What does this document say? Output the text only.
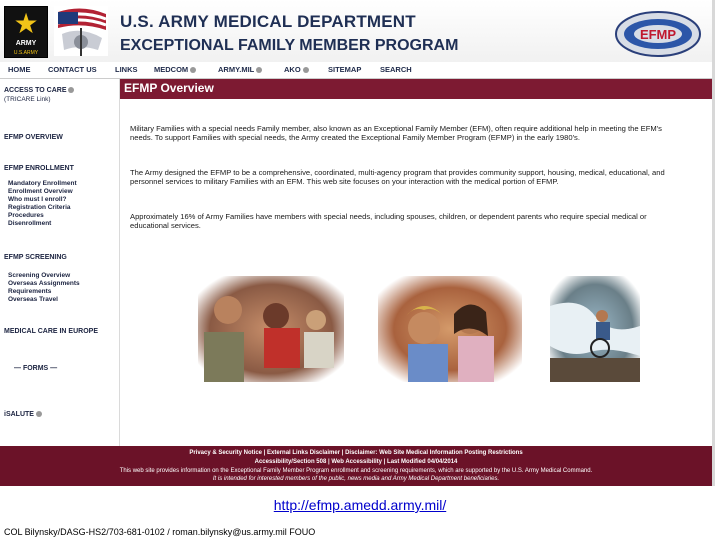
★
ARMY
U.S.ARMY
U.S. ARMY MEDICAL DEPARTMENT
EXCEPTIONAL FAMILY MEMBER PROGRAM
EFMP
HOME CONTACT US LINKS MEDCOM	ARMY.MIL	AKO	SITEMAP SEARCH
ACCESS TO CARE
(TRICARE Link)
EFMP OVERVIEW
EFMP ENROLLMENT
Mandatory Enrollment
Enrollment Overview
Who must I enroll?
Registration Criteria
Procedures
Disenrollment
EFMP SCREENING
Screening Overview
Overseas Assignments
Requirements
Overseas Travel
MEDICAL CARE IN EUROPE
— FORMS —
iSALUTE
EFMP Overview
Military Families with a special needs Family member, also known as an Exceptional Family Member (EFM), often require additional help in meeting the EFM's needs. To support Families with special needs, the Army created the Exceptional Family Member Program (EFMP) in the early 1980's.
The Army designed the EFMP to be a comprehensive, coordinated, multi-agency program that provides community support, housing, medical, educational, and personnel services to military Families with an EFM. This web site focuses on your interaction with the medical portion of EFMP.
Approximately 16% of Army Families have members with special needs, including spouses, children, or dependent parents who require special medical or educational services.
Privacy & Security Notice | External Links Disclaimer | Disclaimer: Web Site Medical Information Posting Restrictions
Accessibility/Section 508 | Web Accessibility | Last Modified 04/04/2014
This web site provides information on the Exceptional Family Member Program enrollment and screening requirements, which are supported by the U.S. Army Medical Command.
It is intended for interested members of the public, news media and Army Medical Department beneficiaries.
http://efmp.amedd.army.mil/
COL Bilynsky/DASG-HS2/703-681-0102 / roman.bilynsky@us.army.mil FOUO
